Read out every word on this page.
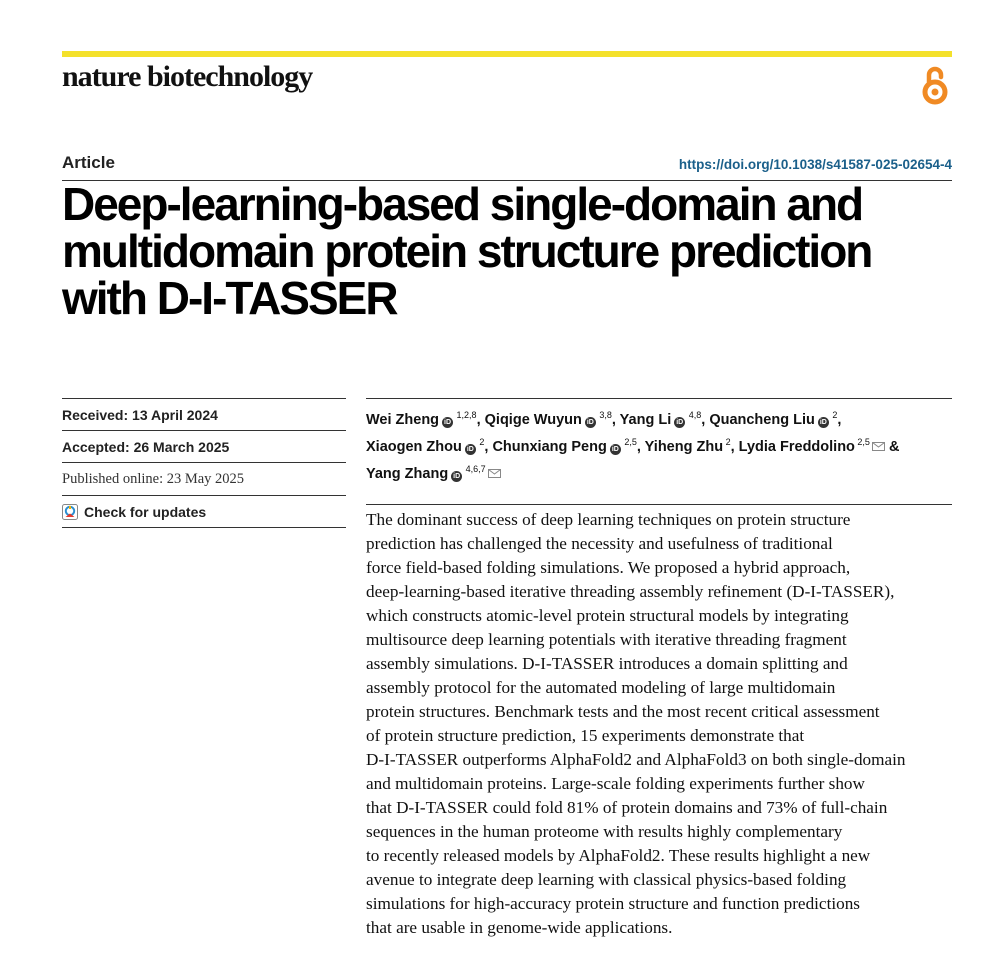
nature biotechnology
Article	https://doi.org/10.1038/s41587-025-02654-4
Deep-learning-based single-domain and
multidomain protein structure prediction
with D-I-TASSER
Received: 13 April 2024
Accepted: 26 March 2025
Published online: 23 May 2025
Check for updates
Wei Zheng iD $^{1,2,8}$, Qiqige Wuyun iD $^{3,8}$, Yang Li iD $^{4,8}$, Quancheng Liu iD $^2$,
Xiaogen Zhou iD $^2$, Chunxiang Peng iD $^{2,5}$, Yiheng Zhu $^2$, Lydia Freddolino $^{2,5}$ &
Yang Zhang iD $^{4,6,7}$

The dominant success of deep learning techniques on protein structure
prediction has challenged the necessity and usefulness of traditional
force field-based folding simulations. We proposed a hybrid approach,
deep-learning-based iterative threading assembly refinement (D-I-TASSER),
which constructs atomic-level protein structural models by integrating
multisource deep learning potentials with iterative threading fragment
assembly simulations. D-I-TASSER introduces a domain splitting and
assembly protocol for the automated modeling of large multidomain
protein structures. Benchmark tests and the most recent critical assessment
of protein structure prediction, 15 experiments demonstrate that
D-I-TASSER outperforms AlphaFold2 and AlphaFold3 on both single-domain
and multidomain proteins. Large-scale folding experiments further show
that D-I-TASSER could fold 81% of protein domains and 73% of full-chain
sequences in the human proteome with results highly complementary
to recently released models by AlphaFold2. These results highlight a new
avenue to integrate deep learning with classical physics-based folding
simulations for high-accuracy protein structure and function predictions
that are usable in genome-wide applications.
